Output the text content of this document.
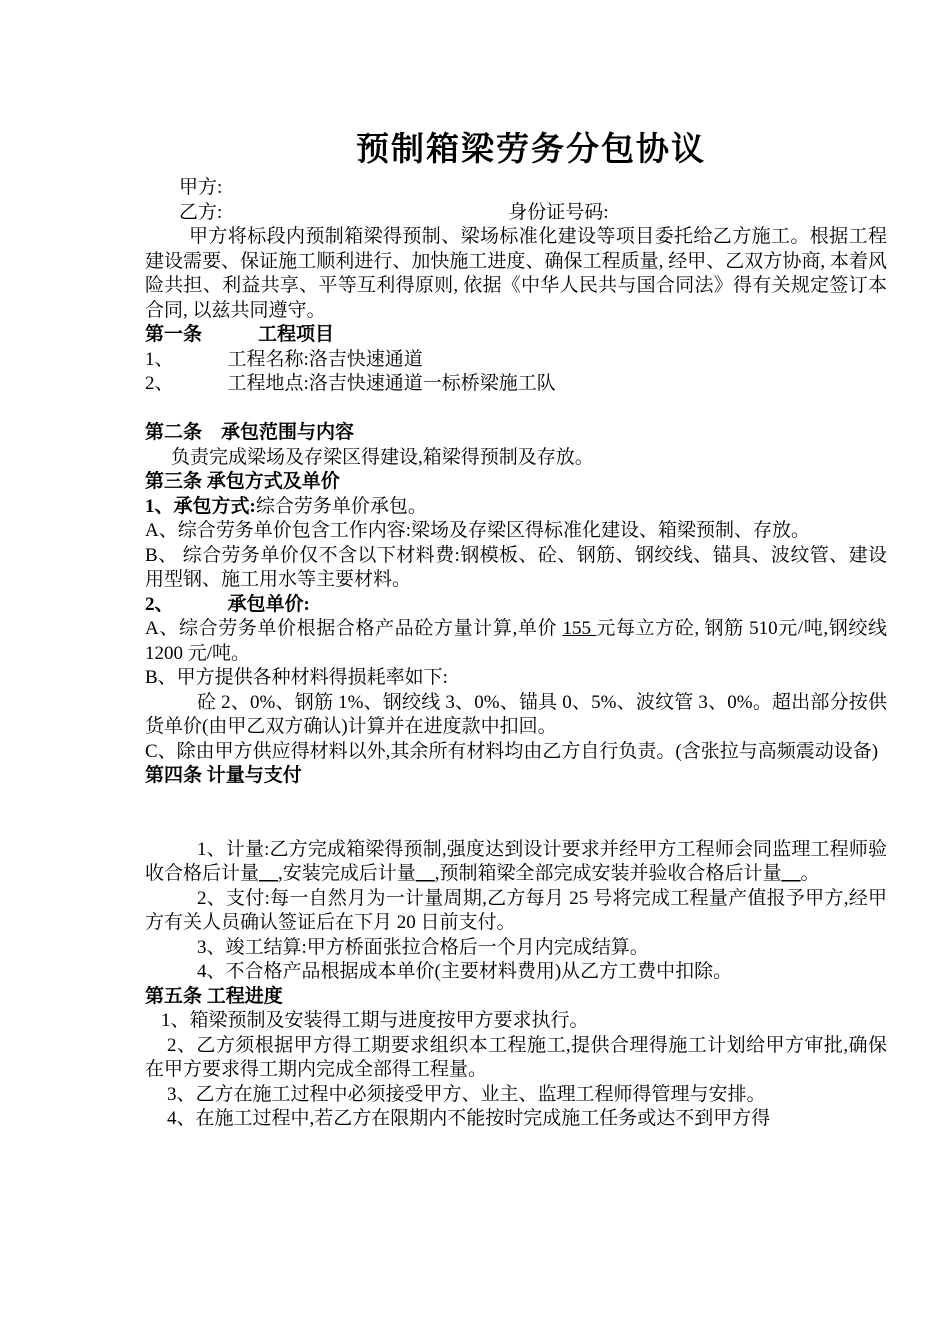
预制箱梁劳务分包协议

甲方:

乙方:	身份证号码:

甲方将标段内预制箱梁得预制、梁场标准化建设等项目委托给乙方施工。根据工程建设需要、保证施工顺利进行、加快施工进度、确保工程质量, 经甲、乙双方协商, 本着风险共担、利益共享、平等互利得原则, 依据《中华人民共与国合同法》得有关规定签订本合同, 以兹共同遵守。

第一条	工程项目

1、	工程名称:洛吉快速通道

2、	工程地点:洛吉快速通道一标桥梁施工队

第二条　承包范围与内容

负责完成梁场及存梁区得建设,箱梁得预制及存放。

第三条 承包方式及单价

1、承包方式:综合劳务单价承包。

A、综合劳务单价包含工作内容:梁场及存梁区得标准化建设、箱梁预制、存放。

B、 综合劳务单价仅不含以下材料费:钢模板、砼、钢筋、钢绞线、锚具、波纹管、建设用型钢、施工用水等主要材料。

2、	承包单价:

A、综合劳务单价根据合格产品砼方量计算,单价 155 元每立方砼, 钢筋 510元/吨,钢绞线 1200 元/吨。

B、甲方提供各种材料得损耗率如下:

砼 2、0%、钢筋 1%、钢绞线 3、0%、锚具 0、5%、波纹管 3、0%。超出部分按供货单价(由甲乙双方确认)计算并在进度款中扣回。

C、除由甲方供应得材料以外,其余所有材料均由乙方自行负责。(含张拉与高频震动设备)

第四条 计量与支付

1、计量:乙方完成箱梁得预制,强度达到设计要求并经甲方工程师会同监理工程师验收合格后计量__,安装完成后计量__,预制箱梁全部完成安装并验收合格后计量__。

2、支付:每一自然月为一计量周期,乙方每月 25 号将完成工程量产值报予甲方,经甲方有关人员确认签证后在下月 20 日前支付。

3、竣工结算:甲方桥面张拉合格后一个月内完成结算。

4、不合格产品根据成本单价(主要材料费用)从乙方工费中扣除。

第五条 工程进度

1、箱梁预制及安装得工期与进度按甲方要求执行。

2、乙方须根据甲方得工期要求组织本工程施工,提供合理得施工计划给甲方审批,确保在甲方要求得工期内完成全部得工程量。

3、乙方在施工过程中必须接受甲方、业主、监理工程师得管理与安排。

4、在施工过程中,若乙方在限期内不能按时完成施工任务或达不到甲方得
